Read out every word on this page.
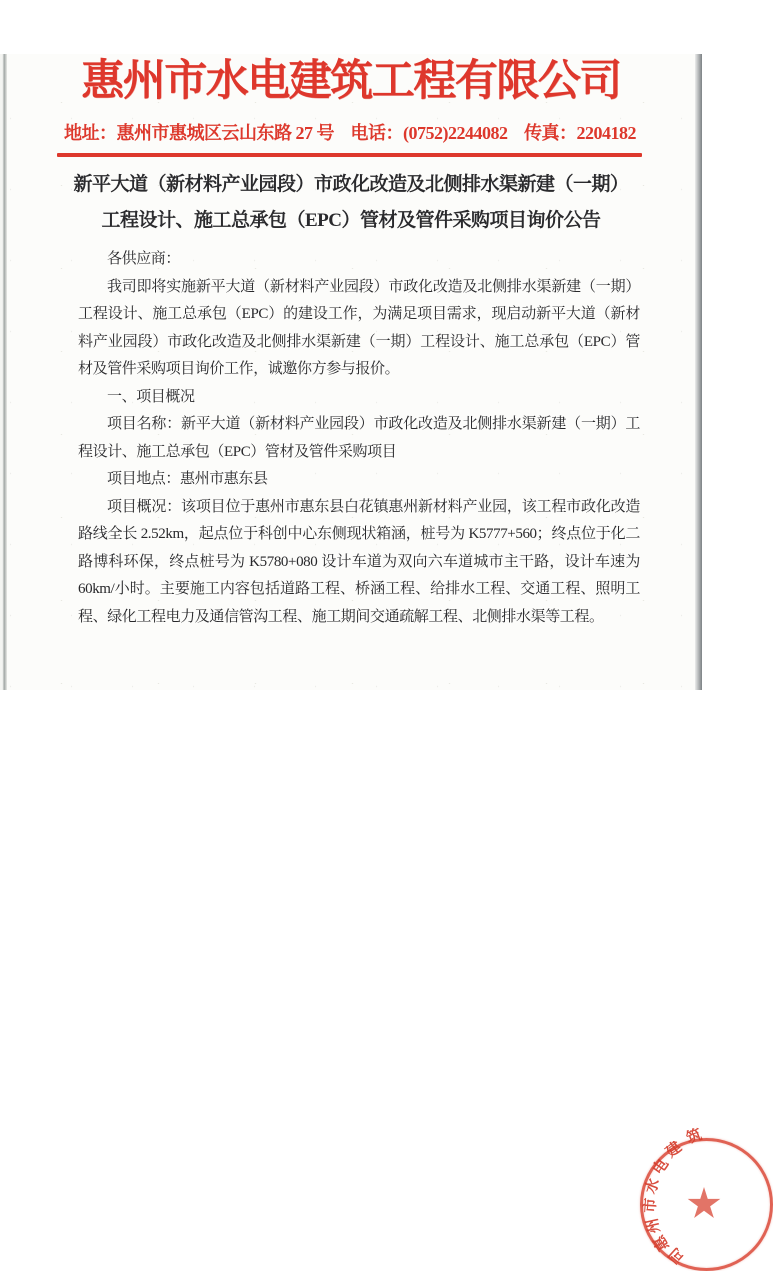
惠州市水电建筑工程有限公司
地址：惠州市惠城区云山东路 27 号 电话：(0752)2244082 传真：2204182
新平大道（新材料产业园段）市政化改造及北侧排水渠新建（一期）
工程设计、施工总承包（EPC）管材及管件采购项目询价公告

各供应商：

我司即将实施新平大道（新材料产业园段）市政化改造及北侧排水渠新建（一期）工程设计、施工总承包（EPC）的建设工作，为满足项目需求，现启动新平大道（新材料产业园段）市政化改造及北侧排水渠新建（一期）工程设计、施工总承包（EPC）管材及管件采购项目询价工作，诚邀你方参与报价。

一、项目概况

项目名称：新平大道（新材料产业园段）市政化改造及北侧排水渠新建（一期）工程设计、施工总承包（EPC）管材及管件采购项目

项目地点：惠州市惠东县

项目概况：该项目位于惠州市惠东县白花镇惠州新材料产业园，该工程市政化改造路线全长 2.52km，起点位于科创中心东侧现状箱涵，桩号为 K5777+560；终点位于化二路博科环保，终点桩号为 K5780+080 设计车道为双向六车道城市主干路，设计车速为 60km/小时。主要施工内容包括道路工程、桥涵工程、给排水工程、交通工程、照明工程、绿化工程电力及通信管沟工程、施工期间交通疏解工程、北侧排水渠等工程。

筑
建
电
水
市
州
惠
司
